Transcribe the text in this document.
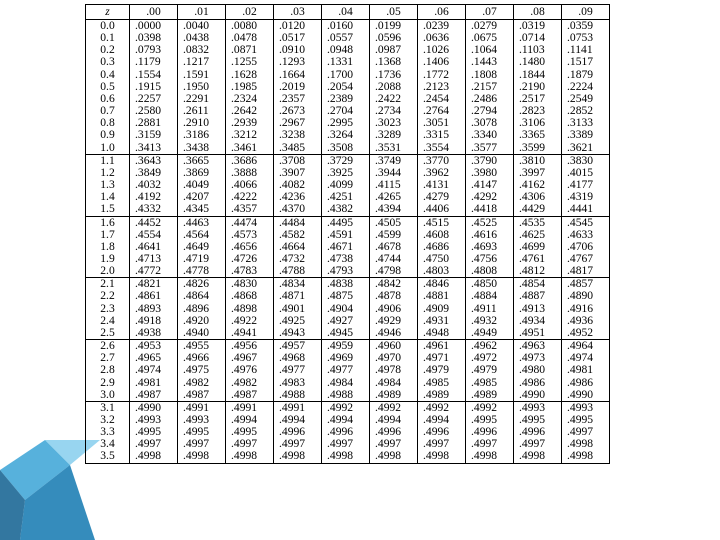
z	.00	.01	.02	.03	.04	.05	.06	.07	.08	.09
0.0	.0000	.0040	.0080	.0120	.0160	.0199	.0239	.0279	.0319	.0359
0.1	.0398	.0438	.0478	.0517	.0557	.0596	.0636	.0675	.0714	.0753
0.2	.0793	.0832	.0871	.0910	.0948	.0987	.1026	.1064	.1103	.1141
0.3	.1179	.1217	.1255	.1293	.1331	.1368	.1406	.1443	.1480	.1517
0.4	.1554	.1591	.1628	.1664	.1700	.1736	.1772	.1808	.1844	.1879
0.5	.1915	.1950	.1985	.2019	.2054	.2088	.2123	.2157	.2190	.2224
0.6	.2257	.2291	.2324	.2357	.2389	.2422	.2454	.2486	.2517	.2549
0.7	.2580	.2611	.2642	.2673	.2704	.2734	.2764	.2794	.2823	.2852
0.8	.2881	.2910	.2939	.2967	.2995	.3023	.3051	.3078	.3106	.3133
0.9	.3159	.3186	.3212	.3238	.3264	.3289	.3315	.3340	.3365	.3389
1.0	.3413	.3438	.3461	.3485	.3508	.3531	.3554	.3577	.3599	.3621
1.1	.3643	.3665	.3686	.3708	.3729	.3749	.3770	.3790	.3810	.3830
1.2	.3849	.3869	.3888	.3907	.3925	.3944	.3962	.3980	.3997	.4015
1.3	.4032	.4049	.4066	.4082	.4099	.4115	.4131	.4147	.4162	.4177
1.4	.4192	.4207	.4222	.4236	.4251	.4265	.4279	.4292	.4306	.4319
1.5	.4332	.4345	.4357	.4370	.4382	.4394	.4406	.4418	.4429	.4441
1.6	.4452	.4463	.4474	.4484	.4495	.4505	.4515	.4525	.4535	.4545
1.7	.4554	.4564	.4573	.4582	.4591	.4599	.4608	.4616	.4625	.4633
1.8	.4641	.4649	.4656	.4664	.4671	.4678	.4686	.4693	.4699	.4706
1.9	.4713	.4719	.4726	.4732	.4738	.4744	.4750	.4756	.4761	.4767
2.0	.4772	.4778	.4783	.4788	.4793	.4798	.4803	.4808	.4812	.4817
2.1	.4821	.4826	.4830	.4834	.4838	.4842	.4846	.4850	.4854	.4857
2.2	.4861	.4864	.4868	.4871	.4875	.4878	.4881	.4884	.4887	.4890
2.3	.4893	.4896	.4898	.4901	.4904	.4906	.4909	.4911	.4913	.4916
2.4	.4918	.4920	.4922	.4925	.4927	.4929	.4931	.4932	.4934	.4936
2.5	.4938	.4940	.4941	.4943	.4945	.4946	.4948	.4949	.4951	.4952
2.6	.4953	.4955	.4956	.4957	.4959	.4960	.4961	.4962	.4963	.4964
2.7	.4965	.4966	.4967	.4968	.4969	.4970	.4971	.4972	.4973	.4974
2.8	.4974	.4975	.4976	.4977	.4977	.4978	.4979	.4979	.4980	.4981
2.9	.4981	.4982	.4982	.4983	.4984	.4984	.4985	.4985	.4986	.4986
3.0	.4987	.4987	.4987	.4988	.4988	.4989	.4989	.4989	.4990	.4990
3.1	.4990	.4991	.4991	.4991	.4992	.4992	.4992	.4992	.4993	.4993
3.2	.4993	.4993	.4994	.4994	.4994	.4994	.4994	.4995	.4995	.4995
3.3	.4995	.4995	.4995	.4996	.4996	.4996	.4996	.4996	.4996	.4997
3.4	.4997	.4997	.4997	.4997	.4997	.4997	.4997	.4997	.4997	.4998
3.5	.4998	.4998	.4998	.4998	.4998	.4998	.4998	.4998	.4998	.4998
